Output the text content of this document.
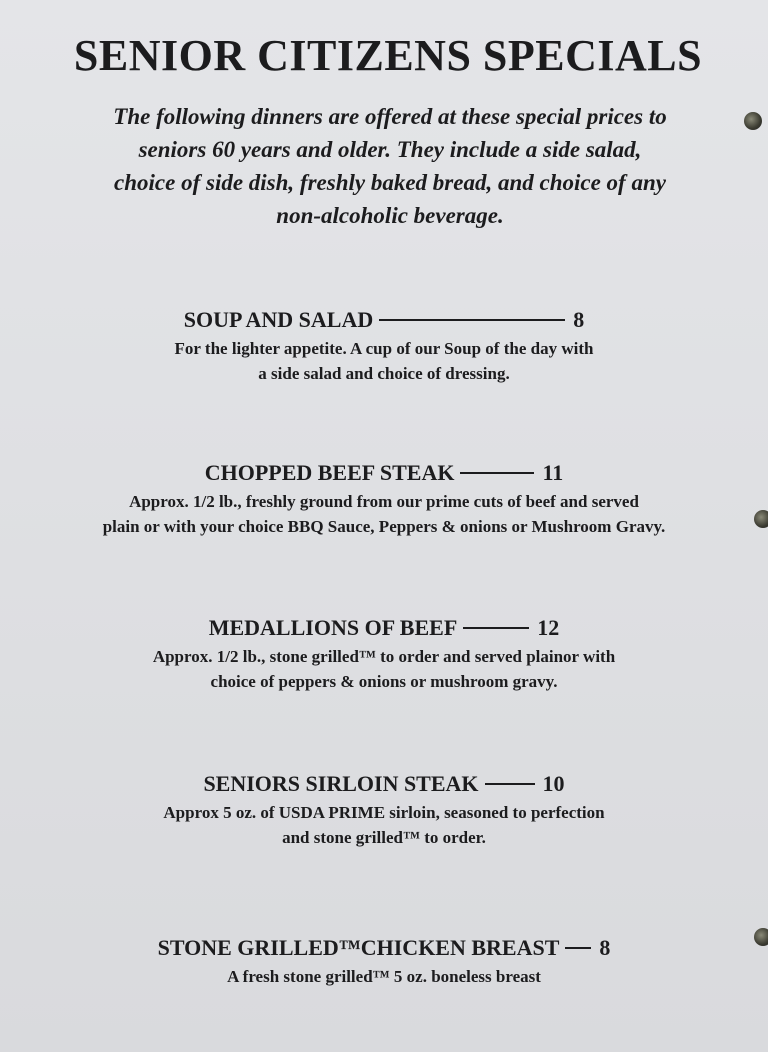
SENIOR CITIZENS SPECIALS
The following dinners are offered at these special prices to
seniors 60 years and older. They include a side salad,
choice of side dish, freshly baked bread, and choice of any
non-alcoholic beverage.
SOUP AND SALAD	8
For the lighter appetite. A cup of our Soup of the day with
a side salad and choice of dressing.
CHOPPED BEEF STEAK	11
Approx. 1/2 lb., freshly ground from our prime cuts of beef and served
plain or with your choice BBQ Sauce, Peppers & onions or Mushroom Gravy.
MEDALLIONS OF BEEF	12
Approx. 1/2 lb., stone grilled™ to order and served plainor with
choice of peppers & onions or mushroom gravy.
SENIORS SIRLOIN STEAK	10
Approx 5 oz. of USDA PRIME sirloin, seasoned to perfection
and stone grilled™ to order.
STONE GRILLED™CHICKEN BREAST 8
A fresh stone grilled™ 5 oz. boneless breast
